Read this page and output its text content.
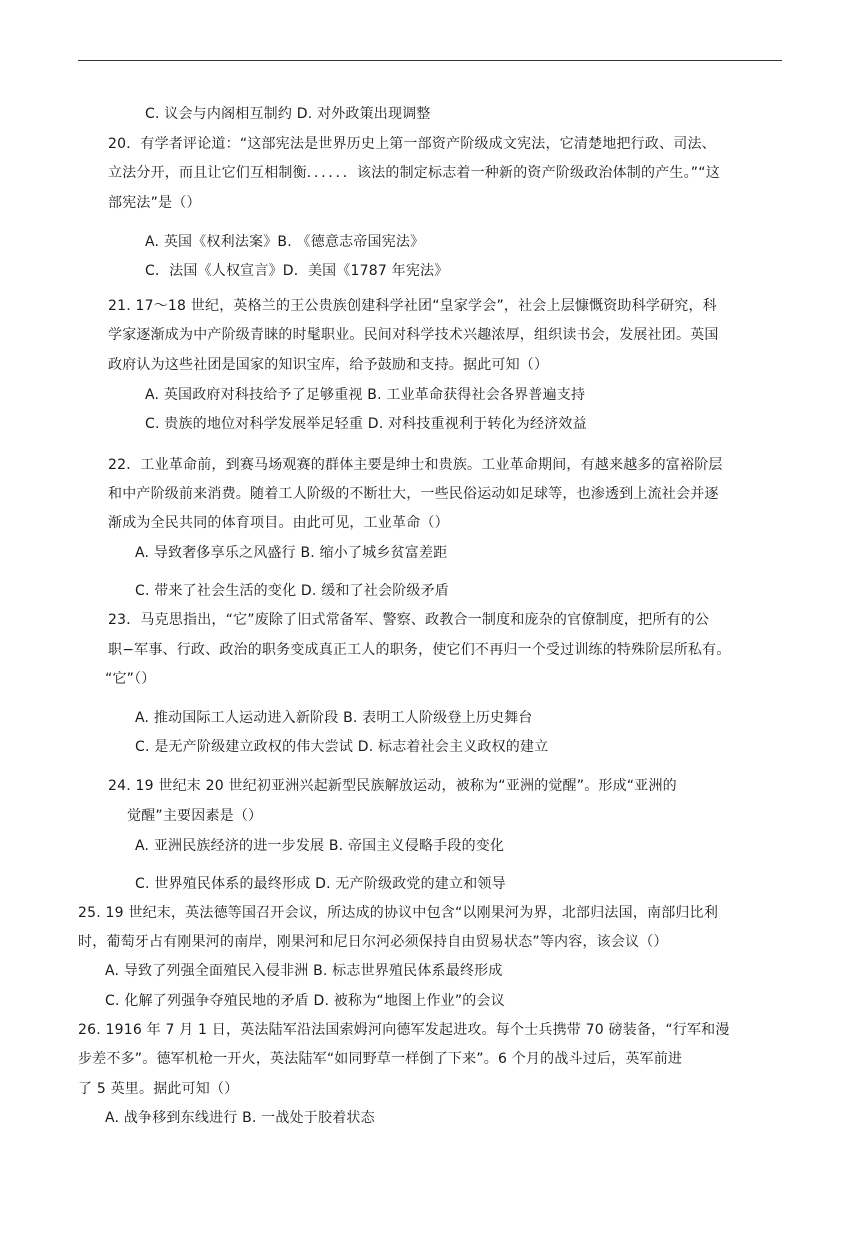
C. 议会与内阁相互制约 D. 对外政策出现调整
20．有学者评论道：“这部宪法是世界历史上第一部资产阶级成文宪法，它清楚地把行政、司法、
立法分开，而且让它们互相制衡．．．．．．该法的制定标志着一种新的资产阶级政治体制的产生。”“这
部宪法”是（）
A. 英国《权利法案》B. 《德意志帝国宪法》
C．法国《人权宣言》D．美国《1787 年宪法》
21. 17～18 世纪，英格兰的王公贵族创建科学社团“皇家学会”，社会上层慷慨资助科学研究，科
学家逐渐成为中产阶级青睐的时髦职业。民间对科学技术兴趣浓厚，组织读书会，发展社团。英国
政府认为这些社团是国家的知识宝库，给予鼓励和支持。据此可知（）
A. 英国政府对科技给予了足够重视 B. 工业革命获得社会各界普遍支持
C. 贵族的地位对科学发展举足轻重 D. 对科技重视利于转化为经济效益
22．工业革命前，到赛马场观赛的群体主要是绅士和贵族。工业革命期间，有越来越多的富裕阶层
和中产阶级前来消费。随着工人阶级的不断壮大，一些民俗运动如足球等，也渗透到上流社会并逐
渐成为全民共同的体育项目。由此可见，工业革命（）
A. 导致奢侈享乐之风盛行 B. 缩小了城乡贫富差距
C. 带来了社会生活的变化 D. 缓和了社会阶级矛盾
23．马克思指出，“它”废除了旧式常备军、警察、政教合一制度和庞杂的官僚制度，把所有的公
职−军事、行政、政治的职务变成真正工人的职务，使它们不再归一个受过训练的特殊阶层所私有。
“它”（）
A. 推动国际工人运动进入新阶段 B. 表明工人阶级登上历史舞台
C. 是无产阶级建立政权的伟大尝试 D. 标志着社会主义政权的建立
24. 19 世纪末 20 世纪初亚洲兴起新型民族解放运动，被称为“亚洲的觉醒”。形成“亚洲的
觉醒”主要因素是（）
A. 亚洲民族经济的进一步发展 B. 帝国主义侵略手段的变化
C. 世界殖民体系的最终形成 D. 无产阶级政党的建立和领导
25. 19 世纪末，英法德等国召开会议，所达成的协议中包含“以刚果河为界，北部归法国，南部归比利
时，葡萄牙占有刚果河的南岸，刚果河和尼日尔河必须保持自由贸易状态”等内容，该会议（）
A. 导致了列强全面殖民入侵非洲 B. 标志世界殖民体系最终形成
C. 化解了列强争夺殖民地的矛盾 D. 被称为“地图上作业”的会议
26. 1916 年 7 月 1 日，英法陆军沿法国索姆河向德军发起进攻。每个士兵携带 70 磅装备，“行军和漫
步差不多”。德军机枪一开火，英法陆军“如同野草一样倒了下来”。6 个月的战斗过后，英军前进
了 5 英里。据此可知（）
A. 战争移到东线进行 B. 一战处于胶着状态
